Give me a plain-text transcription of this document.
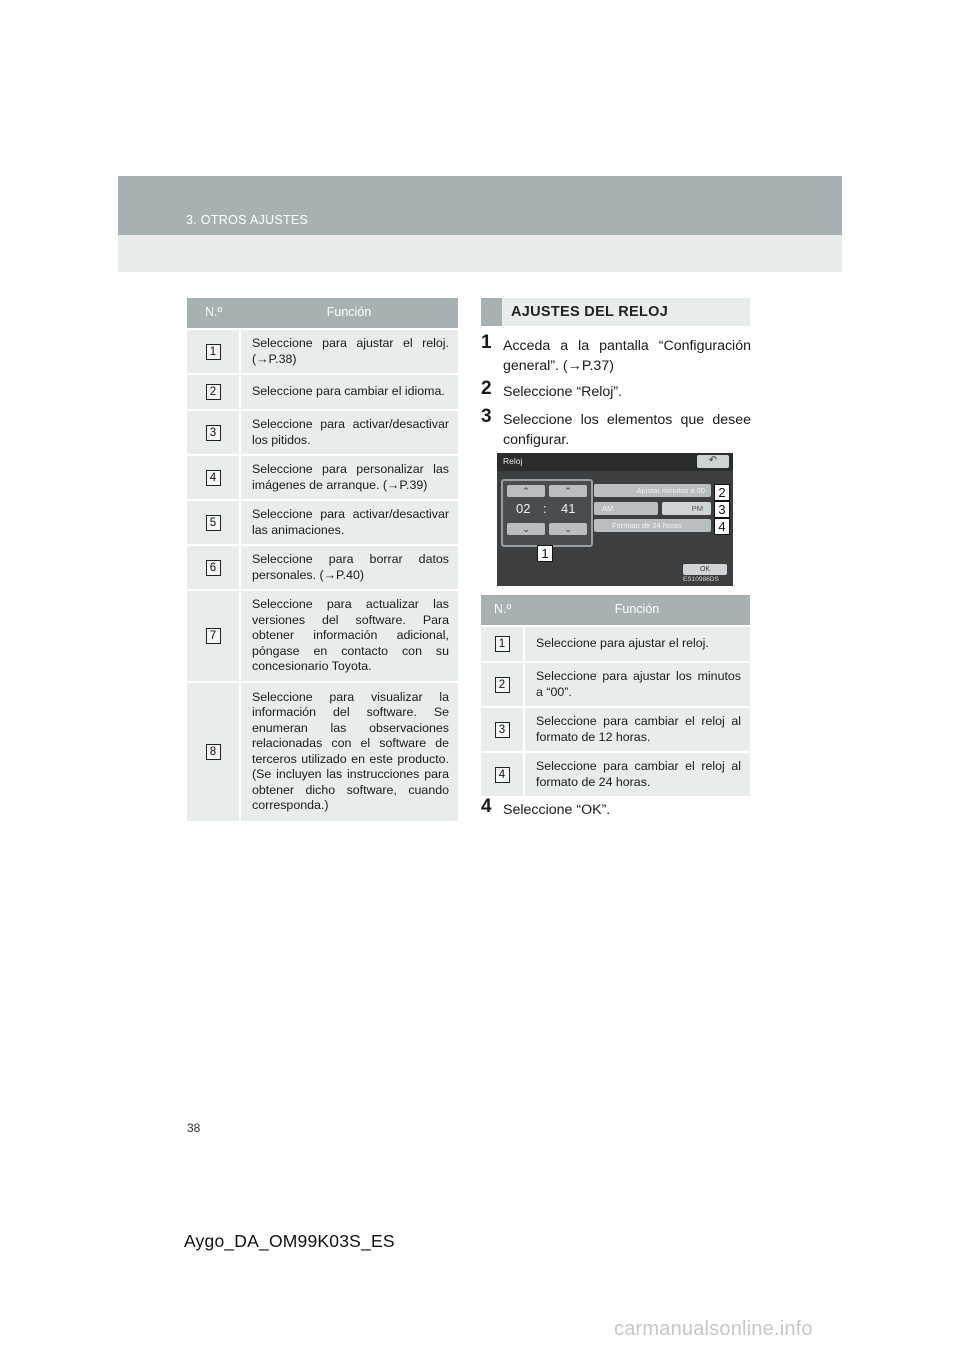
3. OTROS AJUSTES
N.º	Función
1	Seleccione para ajustar el reloj. (→P.38)
2	Seleccione para cambiar el idioma.
3	Seleccione para activar/desactivar los pitidos.
4	Seleccione para personalizar las imágenes de arranque. (→P.39)
5	Seleccione para activar/desactivar las animaciones.
6	Seleccione para borrar datos personales. (→P.40)
7	Seleccione para actualizar las versiones del software. Para obtener información adicional, póngase en contacto con su concesionario Toyota.
8	Seleccione para visualizar la información del software. Se enumeran las observaciones relacionadas con el software de terceros utilizado en este producto. (Se incluyen las instrucciones para obtener dicho software, cuando corresponda.)
AJUSTES DEL RELOJ
1 Acceda a la pantalla “Configuración general”. (→P.37)
2 Seleccione “Reloj”.
3 Seleccione los elementos que desee configurar.
Reloj	↶
⌃	⌃
02 : 41
⌄	⌄
Ajustar minutos a 00
AM	PM
Formato de 24 horas
2
3
4
1
OK
ES10986DS
N.º	Función
1	Seleccione para ajustar el reloj.
2	Seleccione para ajustar los minutos a “00”.
3	Seleccione para cambiar el reloj al formato de 12 horas.
4	Seleccione para cambiar el reloj al formato de 24 horas.
4 Seleccione “OK”.
38
Aygo_DA_OM99K03S_ES
carmanualsonline.info
